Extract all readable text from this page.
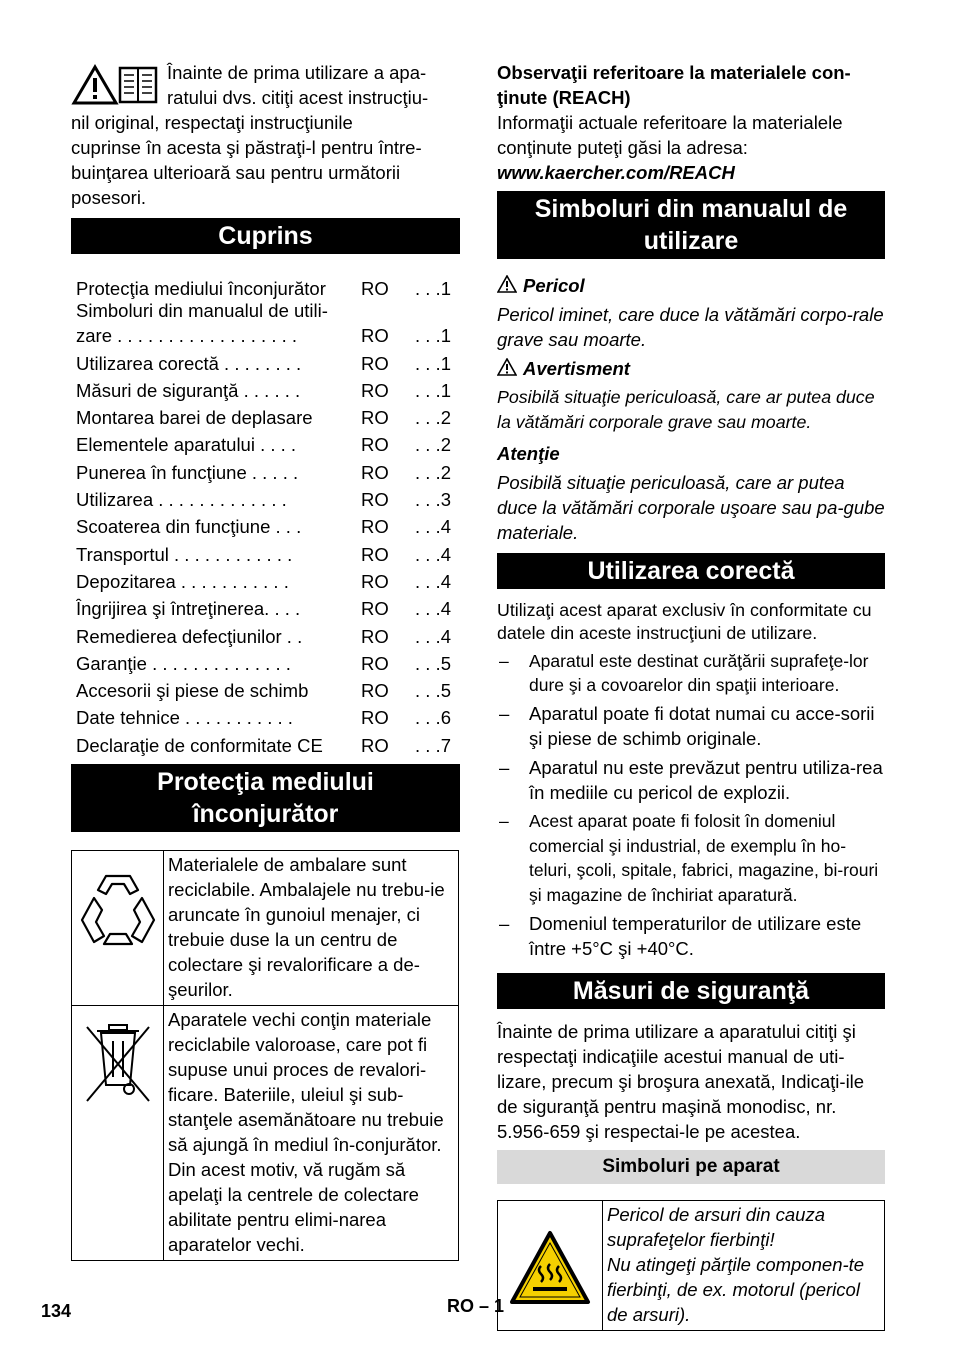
Înainte de prima utilizare a apa-
ratului dvs. citiţi acest instrucţiu-
nil original, respectaţi instrucţiunile
cuprinse în acesta şi păstraţi-l pentru între-
buinţarea ulterioară sau pentru următorii
posesori.

Cuprins
Protecţia mediului înconjurător	RO	. . .1
Simboluri din manualul de utili-
zare . . . . . . . . . . . . . . . . . .	RO	. . .1
Utilizarea corectă . . . . . . . .	RO	. . .1
Măsuri de siguranţă . . . . . .	RO	. . .1
Montarea barei de deplasare	RO	. . .2
Elementele aparatului . . . .	RO	. . .2
Punerea în funcţiune . . . . .	RO	. . .2
Utilizarea . . . . . . . . . . . . .	RO	. . .3
Scoaterea din funcţiune . . .	RO	. . .4
Transportul . . . . . . . . . . . .	RO	. . .4
Depozitarea . . . . . . . . . . .	RO	. . .4
Îngrijirea şi întreţinerea. . . .	RO	. . .4
Remedierea defecţiunilor . .	RO	. . .4
Garanţie . . . . . . . . . . . . . .	RO	. . .5
Accesorii şi piese de schimb	RO	. . .5
Date tehnice . . . . . . . . . . .	RO	. . .6
Declaraţie de conformitate CE	RO	. . .7
Protecţia mediului
înconjurător
	Materialele de ambalare sunt reciclabile. Ambalajele nu trebu-ie aruncate în gunoiul menajer, ci trebuie duse la un centru de colectare şi revalorificare a de-şeurilor.
	Aparatele vechi conţin materiale reciclabile valoroase, care pot fi supuse unui proces de revalori-ficare. Bateriile, uleiul şi sub-stanţele asemănătoare nu trebuie să ajungă în mediul în-conjurător. Din acest motiv, vă rugăm să apelaţi la centrele de colectare abilitate pentru elimi-narea aparatelor vechi.

Observaţii referitoare la materialele con-ţinute (REACH)

Informaţii actuale referitoare la materialele conţinute puteţi găsi la adresa:

www.kaercher.com/REACH

Simboluri din manualul de
utilizare

Pericol

Pericol iminet, care duce la vătămări corpo-rale grave sau moarte.

Avertisment

Posibilă situaţie periculoasă, care ar putea duce la vătămări corporale grave sau moarte.

Atenţie

Posibilă situaţie periculoasă, care ar putea duce la vătămări corporale uşoare sau pa-gube materiale.

Utilizarea corectă

Utilizaţi acest aparat exclusiv în conformitate cu datele din aceste instrucţiuni de utilizare.

– Aparatul este destinat curăţării suprafeţe-lor dure şi a covoarelor din spaţii interioare.
– Aparatul poate fi dotat numai cu acce-sorii şi piese de schimb originale.
– Aparatul nu este prevăzut pentru utiliza-rea în mediile cu pericol de explozii.
– Acest aparat poate fi folosit în domeniul comercial şi industrial, de exemplu în ho-teluri, şcoli, spitale, fabrici, magazine, bi-rouri şi magazine de închiriat aparatură.
– Domeniul temperaturilor de utilizare este între +5°C şi +40°C.
Măsuri de siguranţă

Înainte de prima utilizare a aparatului citiţi şi respectaţi indicaţiile acestui manual de uti-lizare, precum şi broşura anexată, Indicaţi-ile de siguranţă pentru maşină monodisc, nr. 5.956-659 şi respectai-le pe acestea.

Simboluri pe aparat

Pericol de arsuri din cauza suprafeţelor fierbinţi!
Nu atingeţi părţile componen-te fierbinţi, de ex. motorul (pericol de arsuri).
134	RO – 1
